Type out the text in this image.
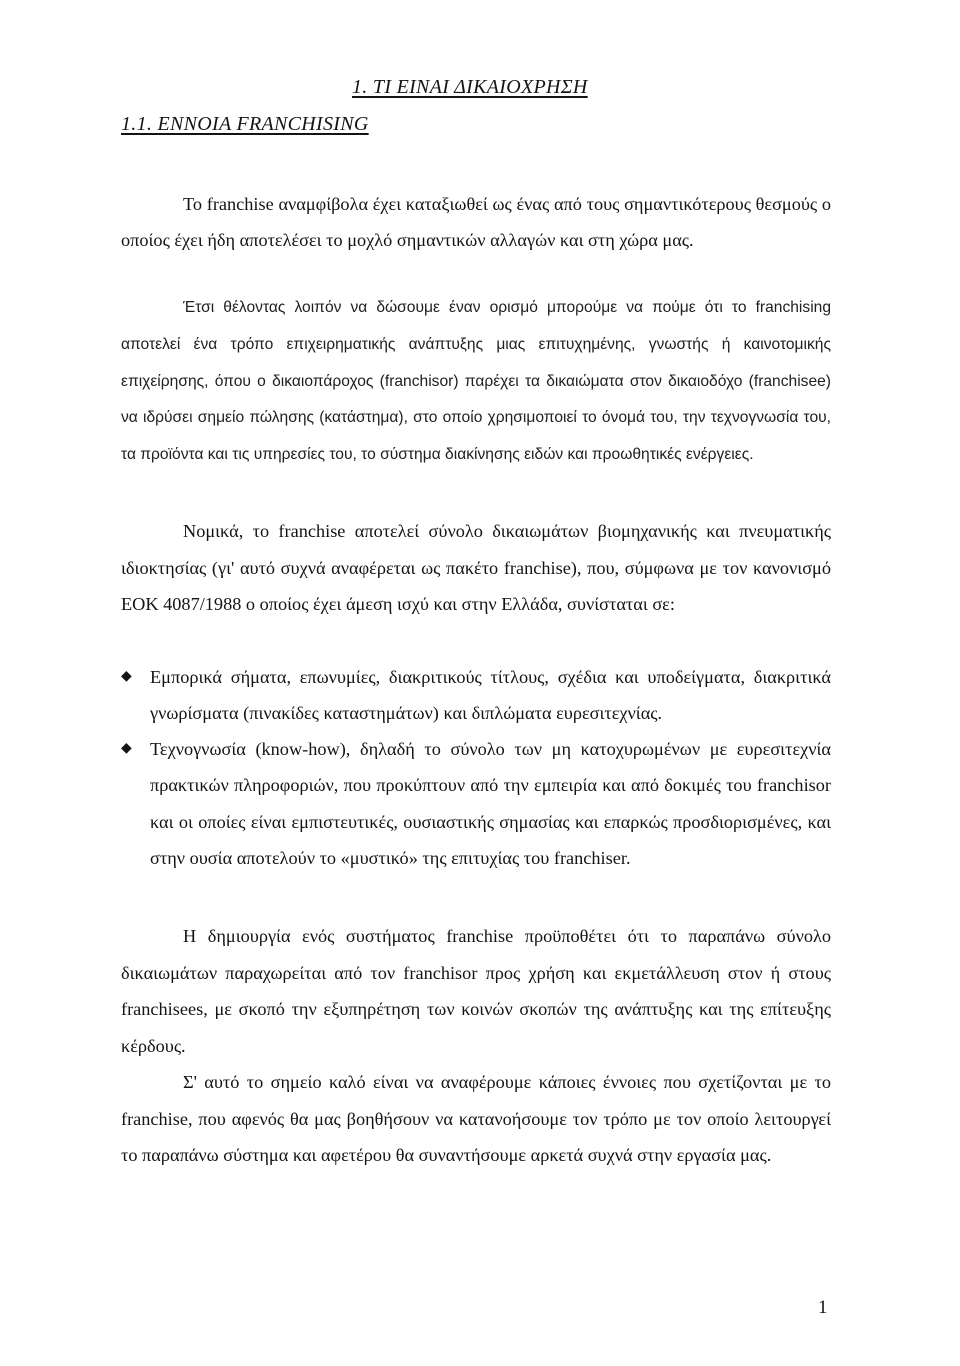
1. ΤΙ ΕΙΝΑΙ ΔΙΚΑΙΟΧΡΗΣΗ
1.1. ΕΝΝΟΙΑ FRANCHISING

Το franchise αναμφίβολα έχει καταξιωθεί ως ένας από τους σημαντικότερους θεσμούς ο οποίος έχει ήδη αποτελέσει το μοχλό σημαντικών αλλαγών και στη χώρα μας.

Έτσι θέλοντας λοιπόν να δώσουμε έναν ορισμό μπορούμε να πούμε ότι το franchising αποτελεί ένα τρόπο επιχειρηματικής ανάπτυξης μιας επιτυχημένης, γνωστής ή καινοτομικής επιχείρησης, όπου ο δικαιοπάροχος (franchisor) παρέχει τα δικαιώματα στον δικαιοδόχο (franchisee) να ιδρύσει σημείο πώλησης (κατάστημα), στο οποίο χρησιμοποιεί το όνομά του, την τεχνογνωσία του, τα προϊόντα και τις υπηρεσίες του, το σύστημα διακίνησης ειδών και προωθητικές ενέργειες.

Νομικά, το franchise αποτελεί σύνολο δικαιωμάτων βιομηχανικής και πνευματικής ιδιοκτησίας (γι' αυτό συχνά αναφέρεται ως πακέτο franchise), που, σύμφωνα με τον κανονισμό ΕΟΚ 4087/1988 ο οποίος έχει άμεση ισχύ και στην Ελλάδα, συνίσταται σε:

◆ Εμπορικά σήματα, επωνυμίες, διακριτικούς τίτλους, σχέδια και υποδείγματα, διακριτικά γνωρίσματα (πινακίδες καταστημάτων) και διπλώματα ευρεσιτεχνίας.
◆ Τεχνογνωσία (know-how), δηλαδή το σύνολο των μη κατοχυρωμένων με ευρεσιτεχνία πρακτικών πληροφοριών, που προκύπτουν από την εμπειρία και από δοκιμές του franchisor και οι οποίες είναι εμπιστευτικές, ουσιαστικής σημασίας και επαρκώς προσδιορισμένες, και στην ουσία αποτελούν το «μυστικό» της επιτυχίας του franchiser.

Η δημιουργία ενός συστήματος franchise προϋποθέτει ότι το παραπάνω σύνολο δικαιωμάτων παραχωρείται από τον franchisor προς χρήση και εκμετάλλευση στον ή στους franchisees, με σκοπό την εξυπηρέτηση των κοινών σκοπών της ανάπτυξης και της επίτευξης κέρδους.

Σ' αυτό το σημείο καλό είναι να αναφέρουμε κάποιες έννοιες που σχετίζονται με το franchise, που αφενός θα μας βοηθήσουν να κατανοήσουμε τον τρόπο με τον οποίο λειτουργεί το παραπάνω σύστημα και αφετέρου θα συναντήσουμε αρκετά συχνά στην εργασία μας.

1
